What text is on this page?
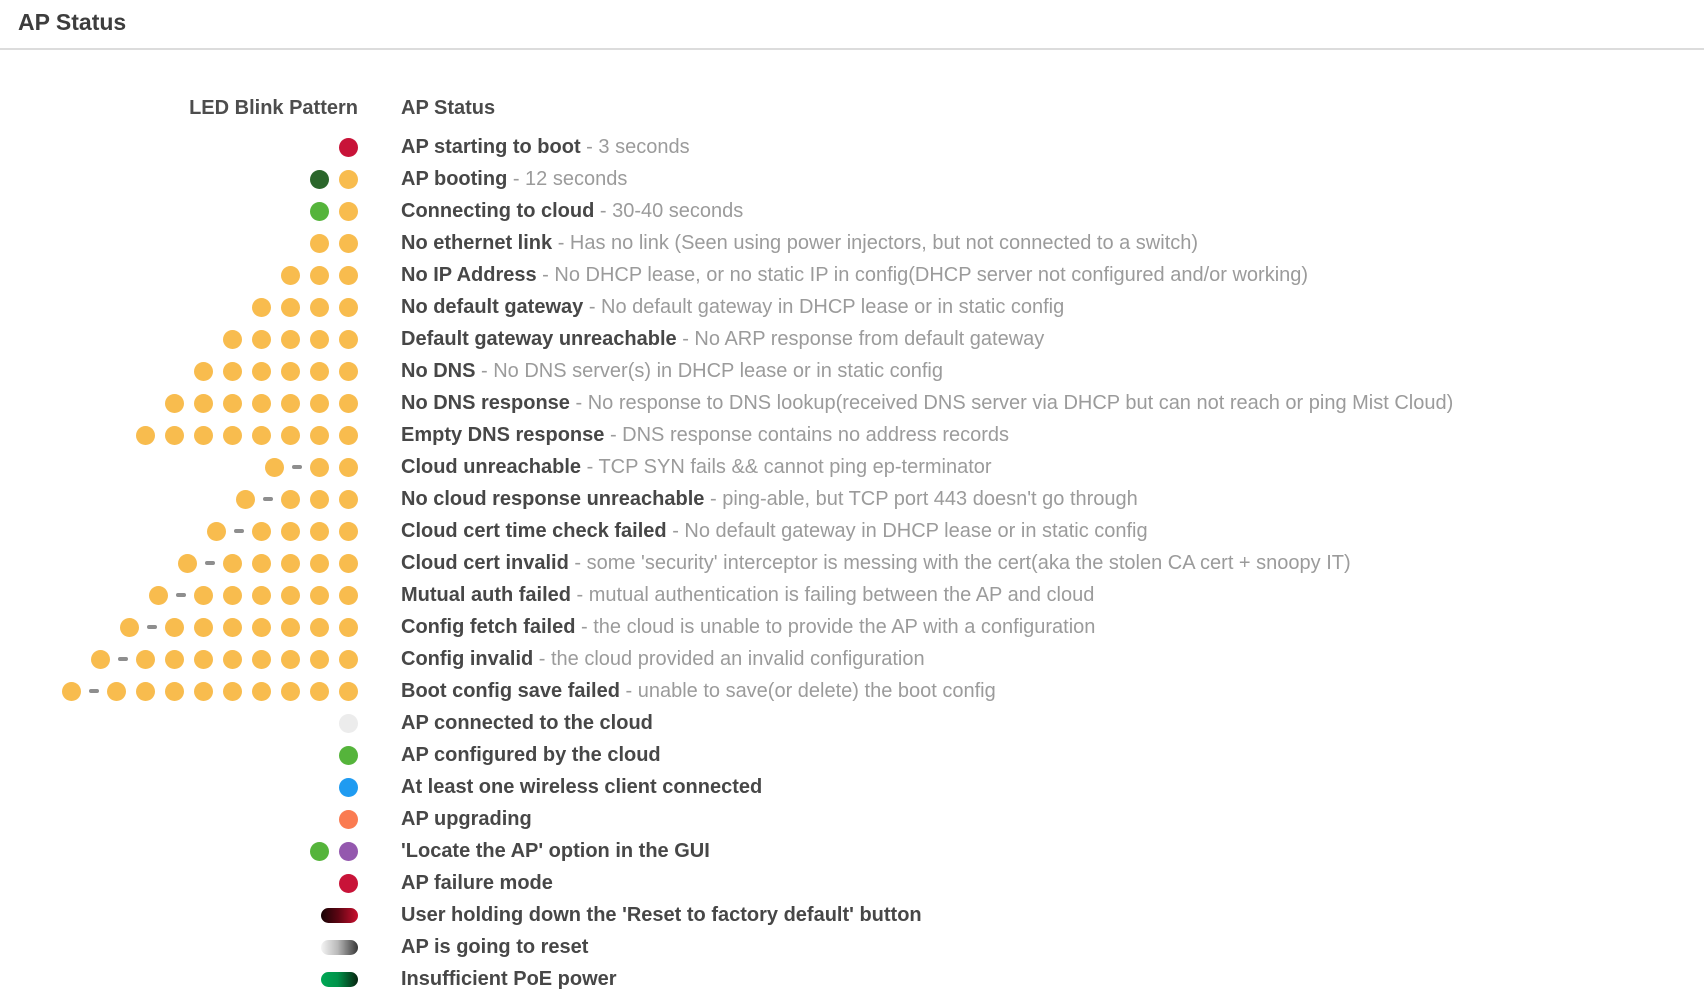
AP Status
LED Blink Pattern AP Status
AP starting to boot - 3 seconds
AP booting - 12 seconds
Connecting to cloud - 30-40 seconds
No ethernet link - Has no link (Seen using power injectors, but not connected to a switch)
No IP Address - No DHCP lease, or no static IP in config(DHCP server not configured and/or working)
No default gateway - No default gateway in DHCP lease or in static config
Default gateway unreachable - No ARP response from default gateway
No DNS - No DNS server(s) in DHCP lease or in static config
No DNS response - No response to DNS lookup(received DNS server via DHCP but can not reach or ping Mist Cloud)
Empty DNS response - DNS response contains no address records
Cloud unreachable - TCP SYN fails && cannot ping ep-terminator
No cloud response unreachable - ping-able, but TCP port 443 doesn't go through
Cloud cert time check failed - No default gateway in DHCP lease or in static config
Cloud cert invalid - some 'security' interceptor is messing with the cert(aka the stolen CA cert + snoopy IT)
Mutual auth failed - mutual authentication is failing between the AP and cloud
Config fetch failed - the cloud is unable to provide the AP with a configuration
Config invalid - the cloud provided an invalid configuration
Boot config save failed - unable to save(or delete) the boot config
AP connected to the cloud
AP configured by the cloud
At least one wireless client connected
AP upgrading
'Locate the AP' option in the GUI
AP failure mode
User holding down the 'Reset to factory default' button
AP is going to reset
Insufficient PoE power
